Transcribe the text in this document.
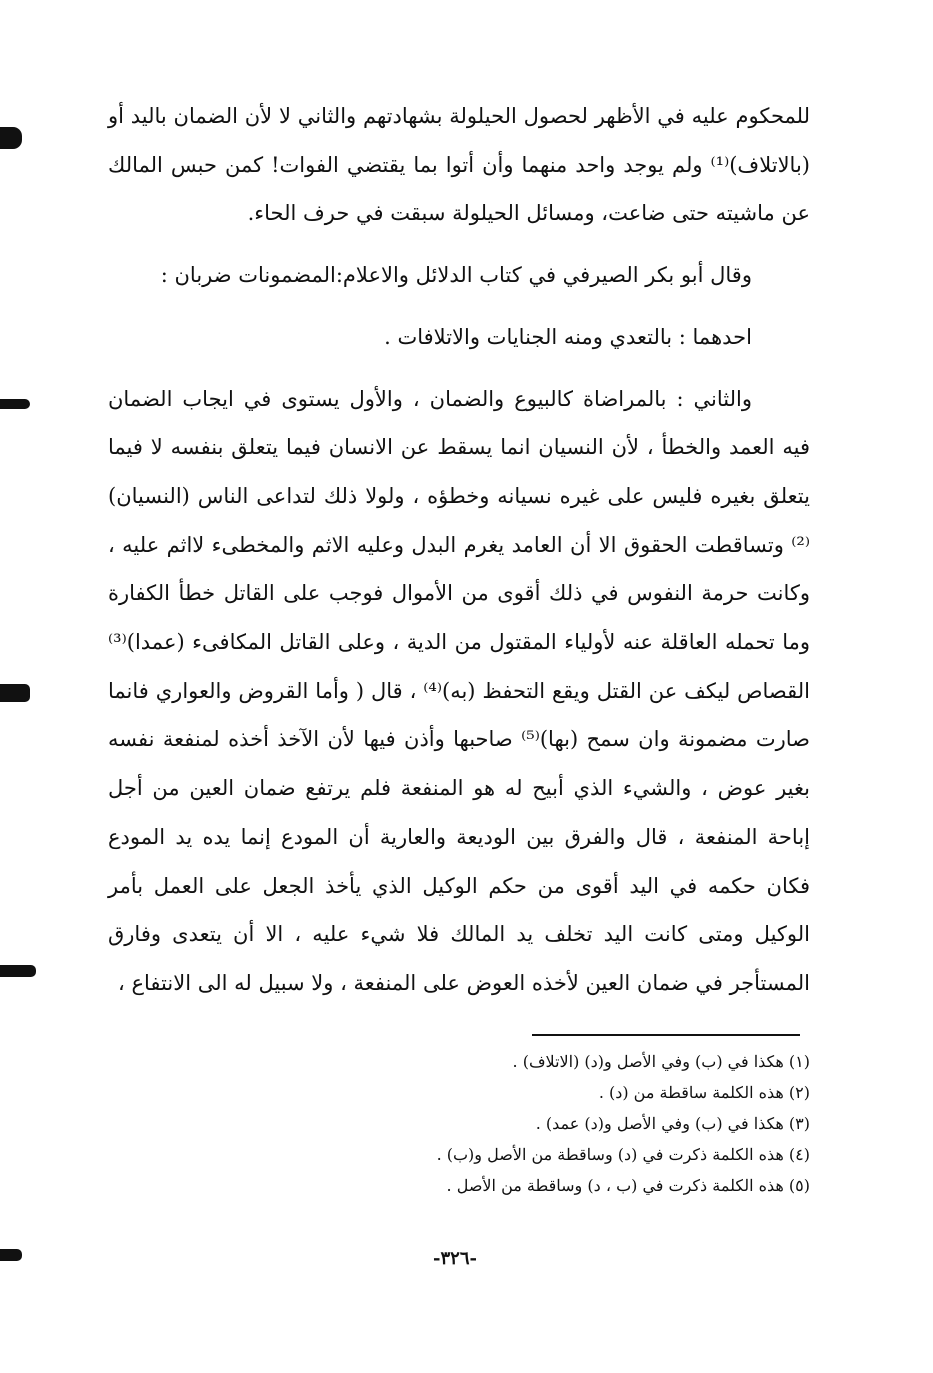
للمحكوم عليه في الأظهر لحصول الحيلولة بشهادتهم والثاني لا لأن الضمان باليد أو (بالاتلاف)⁽¹⁾ ولم يوجد واحد منهما وأن أتوا بما يقتضي الفوات! كمن حبس المالك عن ماشيته حتى ضاعت، ومسائل الحيلولة سبقت في حرف الحاء.

وقال أبو بكر الصيرفي في كتاب الدلائل والاعلام:المضمونات ضربان :

احدهما : بالتعدي ومنه الجنايات والاتلافات .

والثاني : بالمراضاة كالبيوع والضمان ، والأول يستوى في ايجاب الضمان فيه العمد والخطأ ، لأن النسيان انما يسقط عن الانسان فيما يتعلق بنفسه لا فيما يتعلق بغيره فليس على غيره نسيانه وخطؤه ، ولولا ذلك لتداعى الناس (النسيان)⁽²⁾ وتساقطت الحقوق الا أن العامد يغرم البدل وعليه الاثم والمخطىء لااثم عليه ، وكانت حرمة النفوس في ذلك أقوى من الأموال فوجب على القاتل خطأ الكفارة وما تحمله العاقلة عنه لأولياء المقتول من الدية ، وعلى القاتل المكافىء (عمدا)⁽³⁾ القصاص ليكف عن القتل ويقع التحفظ (به)⁽⁴⁾ ، قال ( وأما القروض والعواري فانما صارت مضمونة وان سمح (بها)⁽⁵⁾ صاحبها وأذن فيها لأن الآخذ أخذه لمنفعة نفسه بغير عوض ، والشيء الذي أبيح له هو المنفعة فلم يرتفع ضمان العين من أجل إباحة المنفعة ، قال والفرق بين الوديعة والعارية أن المودع إنما يده يد المودع فكان حكمه في اليد أقوى من حكم الوكيل الذي يأخذ الجعل على العمل بأمر الوكيل ومتى كانت اليد تخلف يد المالك فلا شيء عليه ، الا أن يتعدى وفارق المستأجر في ضمان العين لأخذه العوض على المنفعة ، ولا سبيل له الى الانتفاع ،

(١) هكذا في (ب) وفي الأصل و(د) (الاتلاف) .

(٢) هذه الكلمة ساقطة من (د) .

(٣) هكذا في (ب) وفي الأصل و(د) عمد) .

(٤) هذه الكلمة ذكرت في (د) وساقطة من الأصل و(ب) .

(٥) هذه الكلمة ذكرت في (ب ، د) وساقطة من الأصل .

-٣٢٦-
